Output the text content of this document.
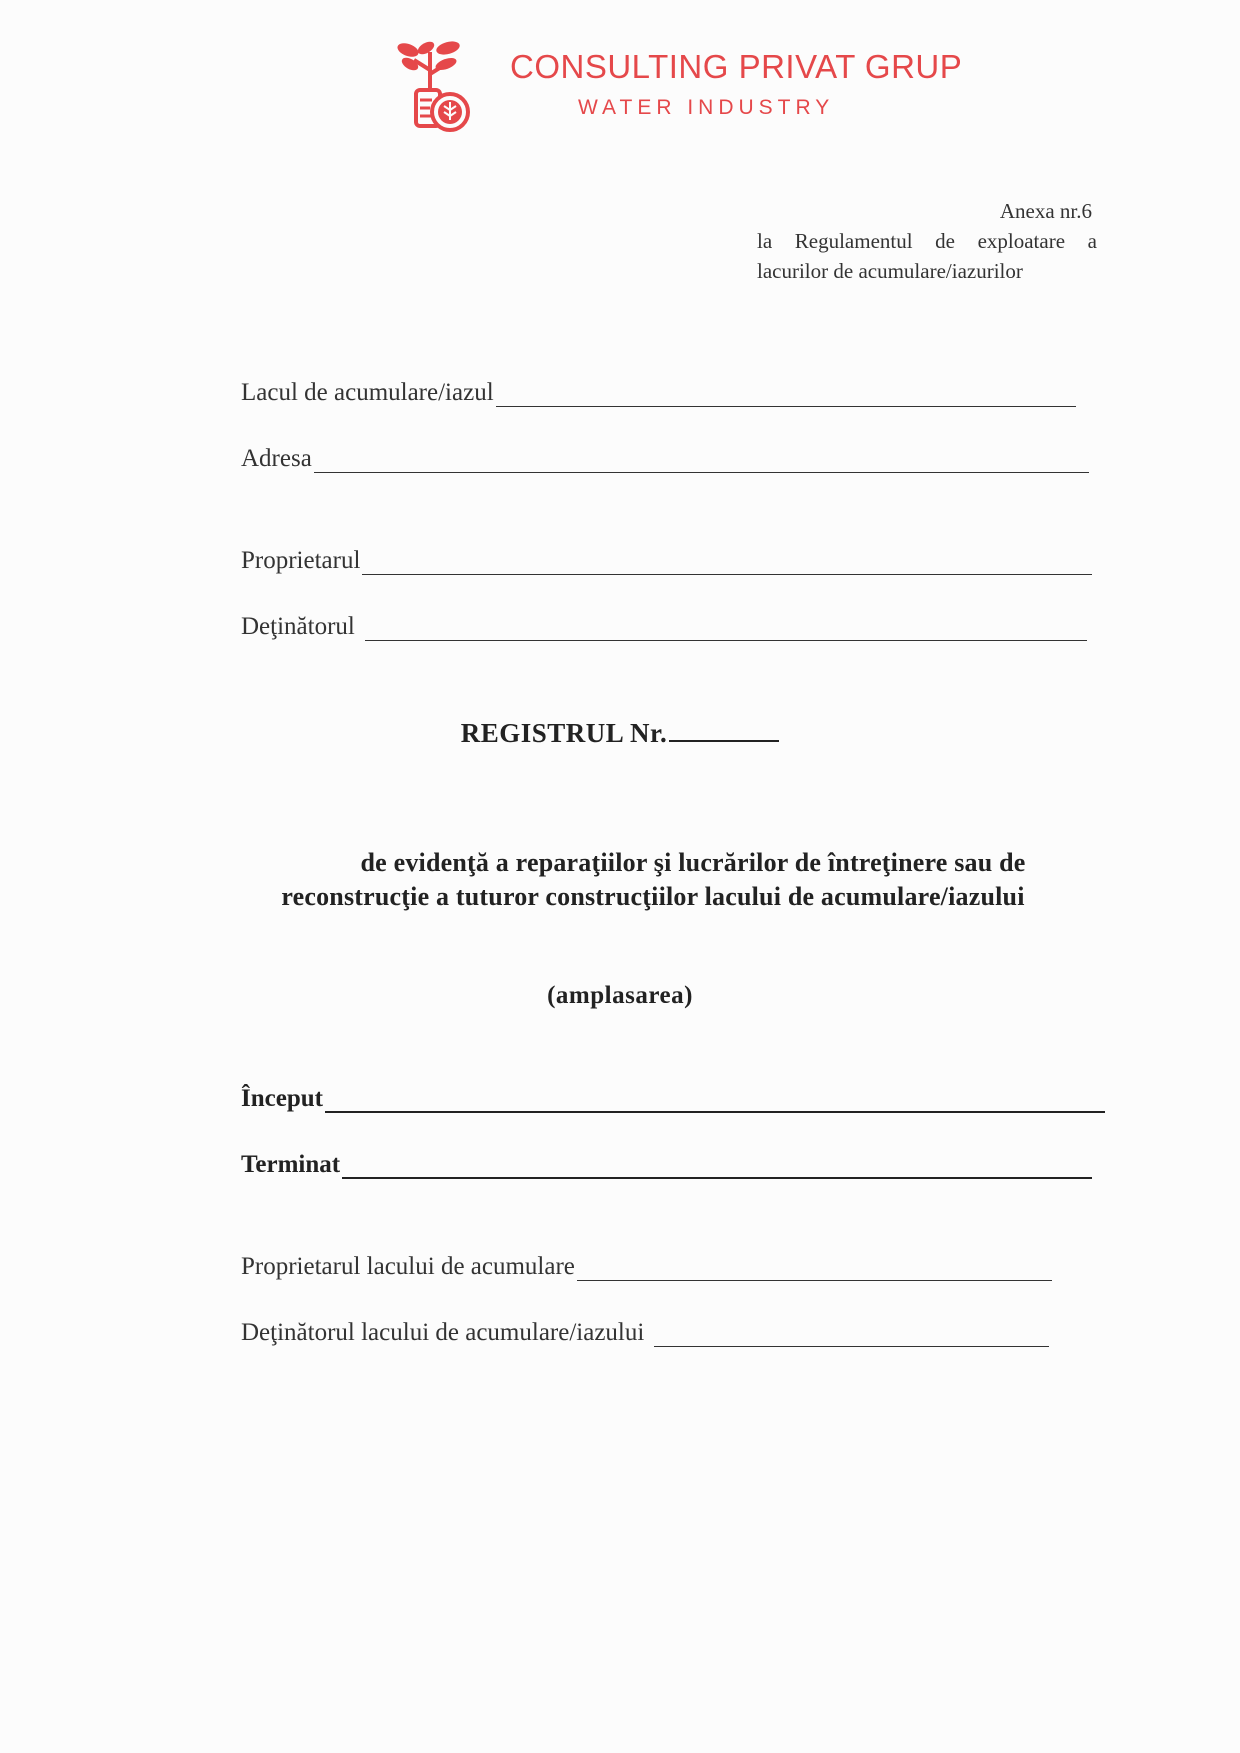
CONSULTING PRIVAT GRUP
WATER INDUSTRY
Anexa nr.6
la Regulamentul de exploatare a
lacurilor de acumulare/iazurilor
Lacul de acumulare/iazul
Adresa
Proprietarul
Deţinătorul
REGISTRUL Nr.
de evidenţă a reparaţiilor şi lucrărilor de întreţinere sau de
reconstrucţie a tuturor construcţiilor lacului de acumulare/iazului
(amplasarea)
Început
Terminat
Proprietarul lacului de acumulare
Deţinătorul lacului de acumulare/iazului
